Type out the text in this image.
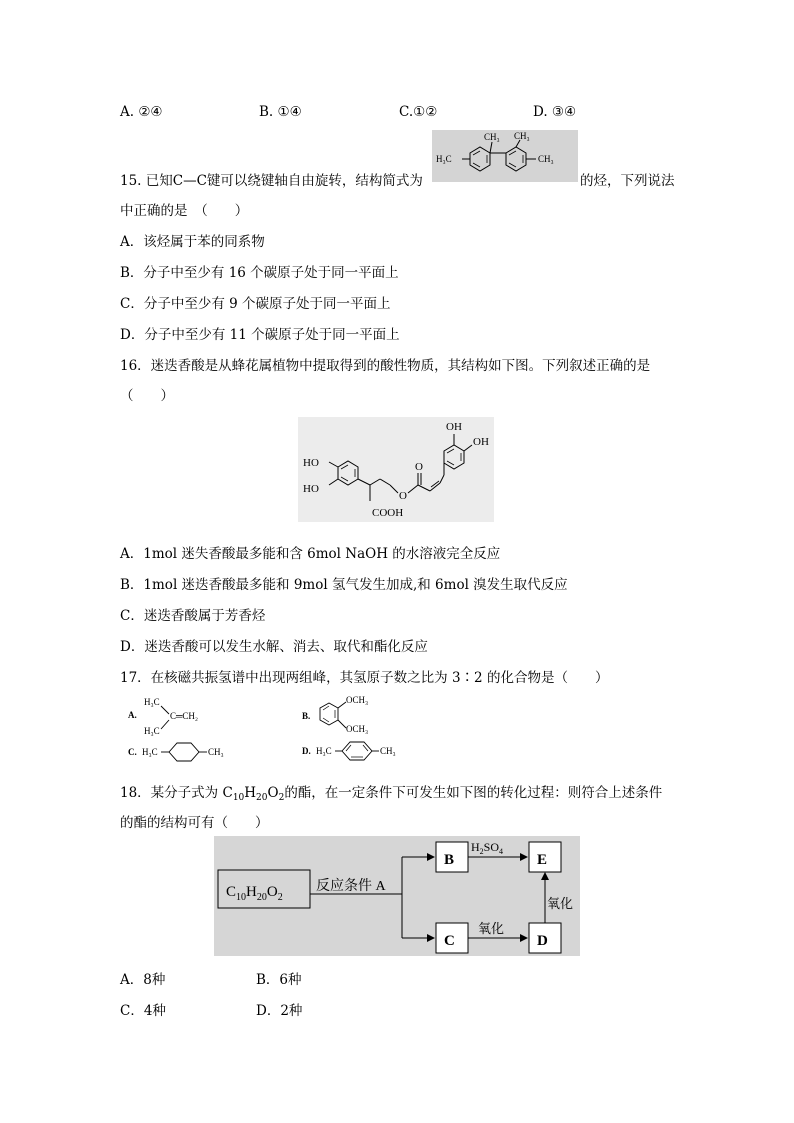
A. ②④	B. ①④	C.①②	D. ③④
15. 已知C—C键可以绕键轴自由旋转，结构简式为
CH₃ CH₃
H₃C	CH₃
的烃，下列说法
中正确的是　（　　）
A．该烃属于苯的同系物
B．分子中至少有 16 个碳原子处于同一平面上
C．分子中至少有 9 个碳原子处于同一平面上
D．分子中至少有 11 个碳原子处于同一平面上
16．迷迭香酸是从蜂花属植物中提取得到的酸性物质，其结构如下图。下列叙述正确的是
（　　）
HO
HO
COOH
O
O
OH
OH
A．1mol 迷失香酸最多能和含 6mol NaOH 的水溶液完全反应
B．1mol 迷迭香酸最多能和 9mol 氢气发生加成,和 6mol 溴发生取代反应
C．迷迭香酸属于芳香烃
D．迷迭香酸可以发生水解、消去、取代和酯化反应
17．在核磁共振氢谱中出现两组峰，其氢原子数之比为 3∶2 的化合物是（　　）
A.
H₃C
C═CH₂
H₃C
B.
OCH₃
OCH₃
C. H₃C	CH₃	D. H₃C	CH₃
18．某分子式为 $C_{10}H_{20}O_2$的酯，在一定条件下可发生如下图的转化过程：则符合上述条件
的酯的结构可有（　　）
$C_{10}H_{20}O_2$
反应条件 A
B
C
$H_2SO_4$
E
氧化
D
氧化
A．8种	B．6种
C．4种	D．2种
